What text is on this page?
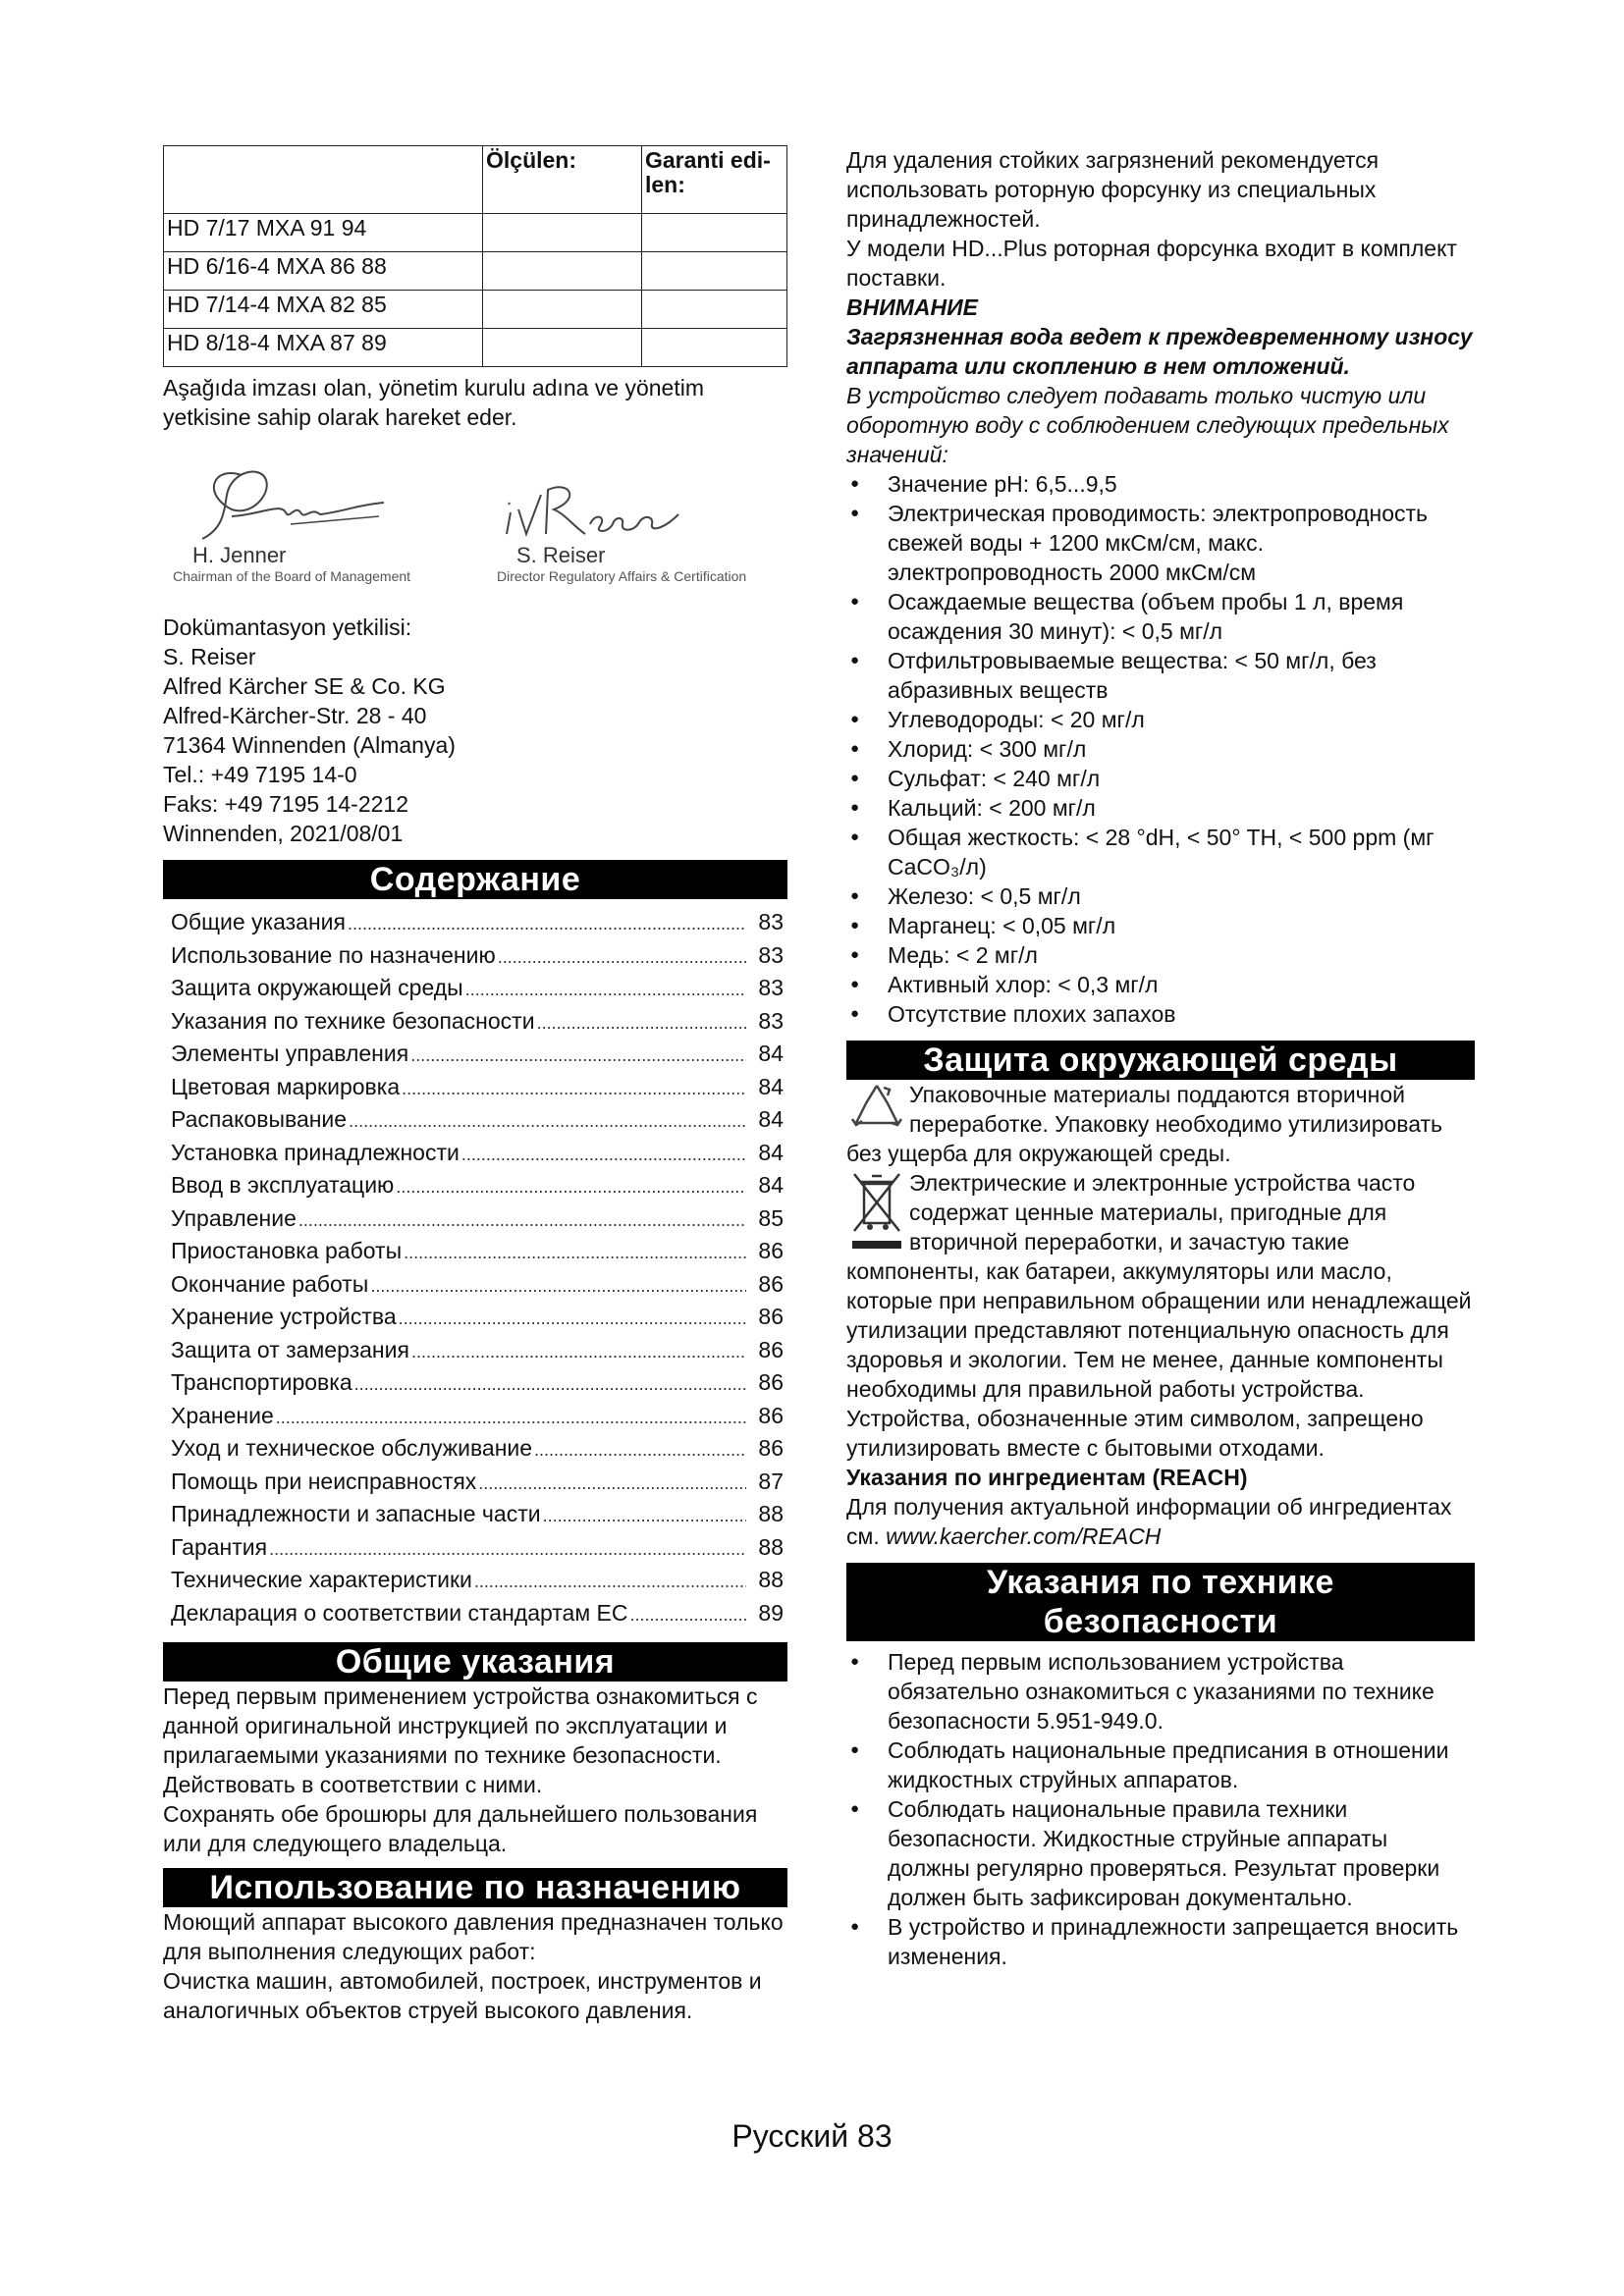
	Ölçülen:	Garanti edi-
len:
HD 7/17 MXA 91 94		
HD 6/16-4 MXA 86 88		
HD 7/14-4 MXA 82 85		
HD 8/18-4 MXA 87 89		

Aşağıda imzası olan, yönetim kurulu adına ve yönetim yetkisine sahip olarak hareket eder.

H. Jenner
Chairman of the Board of Management
S. Reiser
Director Regulatory Affairs & Certification

Dokümantasyon yetkilisi:

S. Reiser

Alfred Kärcher SE & Co. KG

Alfred-Kärcher-Str. 28 - 40

71364 Winnenden (Almanya)

Tel.: +49 7195 14-0

Faks: +49 7195 14-2212

Winnenden, 2021/08/01

Содержание
Общие указания .....	83
Использование по назначению .....	83
Защита окружающей среды .....	83
Указания по технике безопасности .....	83
Элементы управления .....	84
Цветовая маркировка .....	84
Распаковывание .....	84
Установка принадлежности .....	84
Ввод в эксплуатацию .....	84
Управление .....	85
Приостановка работы .....	86
Окончание работы .....	86
Хранение устройства .....	86
Защита от замерзания .....	86
Транспортировка .....	86
Хранение .....	86
Уход и техническое обслуживание .....	86
Помощь при неисправностях .....	87
Принадлежности и запасные части .....	88
Гарантия .....	88
Технические характеристики .....	88
Декларация о соответствии стандартам ЕС .....	89
Общие указания

Перед первым применением устройства ознакомиться с данной оригинальной инструкцией по эксплуатации и прилагаемыми указаниями по технике безопасности. Действовать в соответствии с ними.

Сохранять обе брошюры для дальнейшего пользования или для следующего владельца.

Использование по назначению

Моющий аппарат высокого давления предназначен только для выполнения следующих работ:

Очистка машин, автомобилей, построек, инструментов и аналогичных объектов струей высокого давления.

Для удаления стойких загрязнений рекомендуется использовать роторную форсунку из специальных принадлежностей.

У модели HD...Plus роторная форсунка входит в комплект поставки.

ВНИМАНИЕ

Загрязненная вода ведет к преждевременному износу аппарата или скоплению в нем отложений.

В устройство следует подавать только чистую или оборотную воду с соблюдением следующих предельных значений:

● Значение pH: 6,5...9,5
● Электрическая проводимость: электропроводность свежей воды + 1200 мкСм/см, макс. электропроводность 2000 мкСм/см
● Осаждаемые вещества (объем пробы 1 л, время осаждения 30 минут): < 0,5 мг/л
● Отфильтровываемые вещества: < 50 мг/л, без абразивных веществ
● Углеводороды: < 20 мг/л
● Хлорид: < 300 мг/л
● Сульфат: < 240 мг/л
● Кальций: < 200 мг/л
● Общая жесткость: < 28 °dH, < 50° TH, < 500 ppm (мг CaCO₃/л)
● Железо: < 0,5 мг/л
● Марганец: < 0,05 мг/л
● Медь: < 2 мг/л
● Активный хлор: < 0,3 мг/л
● Отсутствие плохих запахов
Защита окружающей среды

Упаковочные материалы поддаются вторичной переработке. Упаковку необходимо утилизировать без ущерба для окружающей среды.

Электрические и электронные устройства часто содержат ценные материалы, пригодные для вторичной переработки, и зачастую такие компоненты, как батареи, аккумуляторы или масло, которые при неправильном обращении или ненадлежащей утилизации представляют потенциальную опасность для здоровья и экологии. Тем не менее, данные компоненты необходимы для правильной работы устройства. Устройства, обозначенные этим символом, запрещено утилизировать вместе с бытовыми отходами.

Указания по ингредиентам (REACH)

Для получения актуальной информации об ингредиентах см. www.kaercher.com/REACH

Указания по технике безопасности
● Перед первым использованием устройства обязательно ознакомиться с указаниями по технике безопасности 5.951-949.0.
● Соблюдать национальные предписания в отношении жидкостных струйных аппаратов.
● Соблюдать национальные правила техники безопасности. Жидкостные струйные аппараты должны регулярно проверяться. Результат проверки должен быть зафиксирован документально.
● В устройство и принадлежности запрещается вносить изменения.
Русский 83
